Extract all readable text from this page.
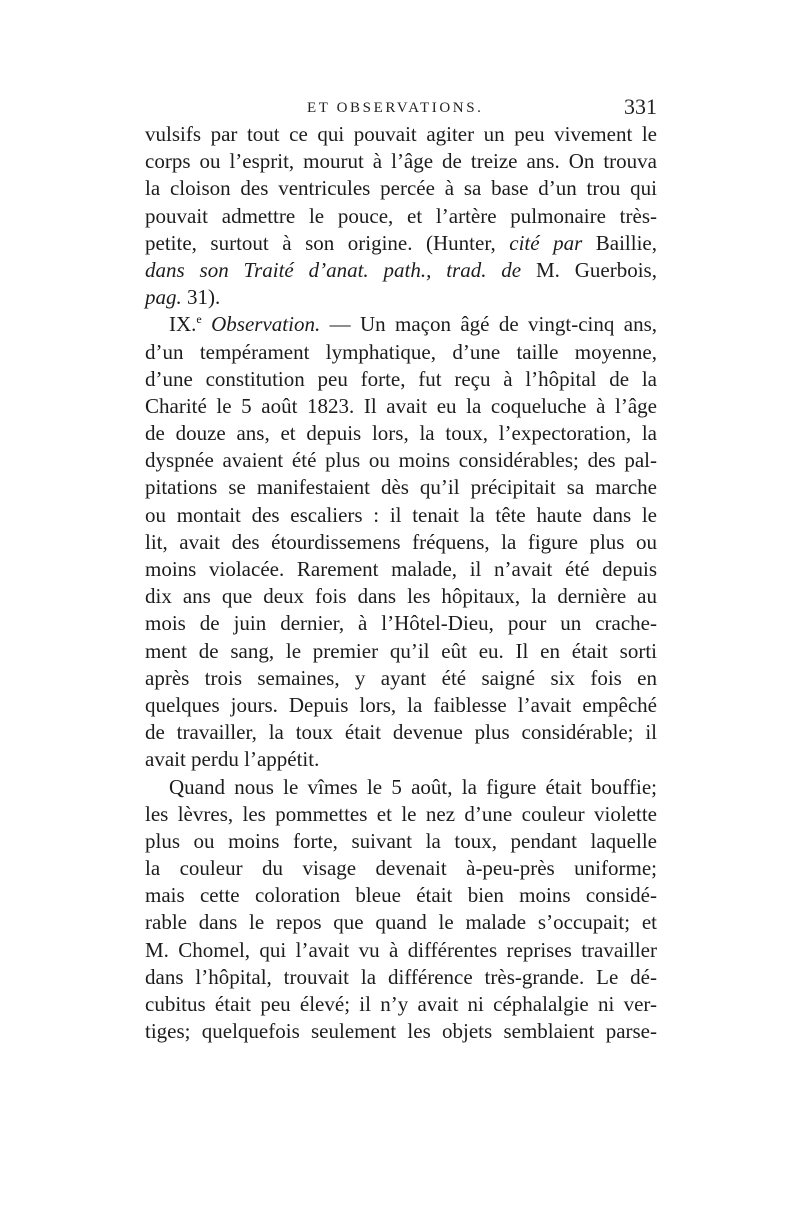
ET OBSERVATIONS.	331
vulsifs par tout ce qui pouvait agiter un peu vivement le
corps ou l’esprit, mourut à l’âge de treize ans. On trouva
la cloison des ventricules percée à sa base d’un trou qui
pouvait admettre le pouce, et l’artère pulmonaire très-
petite, surtout à son origine. (Hunter, cité par Baillie,
dans son Traité d’anat. path., trad. de M. Guerbois,
pag. 31).
IX.$^e$ Observation. — Un maçon âgé de vingt-cinq ans,
d’un tempérament lymphatique, d’une taille moyenne,
d’une constitution peu forte, fut reçu à l’hôpital de la
Charité le 5 août 1823. Il avait eu la coqueluche à l’âge
de douze ans, et depuis lors, la toux, l’expectoration, la
dyspnée avaient été plus ou moins considérables; des pal-
pitations se manifestaient dès qu’il précipitait sa marche
ou montait des escaliers : il tenait la tête haute dans le
lit, avait des étourdissemens fréquens, la figure plus ou
moins violacée. Rarement malade, il n’avait été depuis
dix ans que deux fois dans les hôpitaux, la dernière au
mois de juin dernier, à l’Hôtel-Dieu, pour un crache-
ment de sang, le premier qu’il eût eu. Il en était sorti
après trois semaines, y ayant été saigné six fois en
quelques jours. Depuis lors, la faiblesse l’avait empêché
de travailler, la toux était devenue plus considérable; il
avait perdu l’appétit.
Quand nous le vîmes le 5 août, la figure était bouffie;
les lèvres, les pommettes et le nez d’une couleur violette
plus ou moins forte, suivant la toux, pendant laquelle
la couleur du visage devenait à-peu-près uniforme;
mais cette coloration bleue était bien moins considé-
rable dans le repos que quand le malade s’occupait; et
M. Chomel, qui l’avait vu à différentes reprises travailler
dans l’hôpital, trouvait la différence très-grande. Le dé-
cubitus était peu élevé; il n’y avait ni céphalalgie ni ver-
tiges; quelquefois seulement les objets semblaient parse-
